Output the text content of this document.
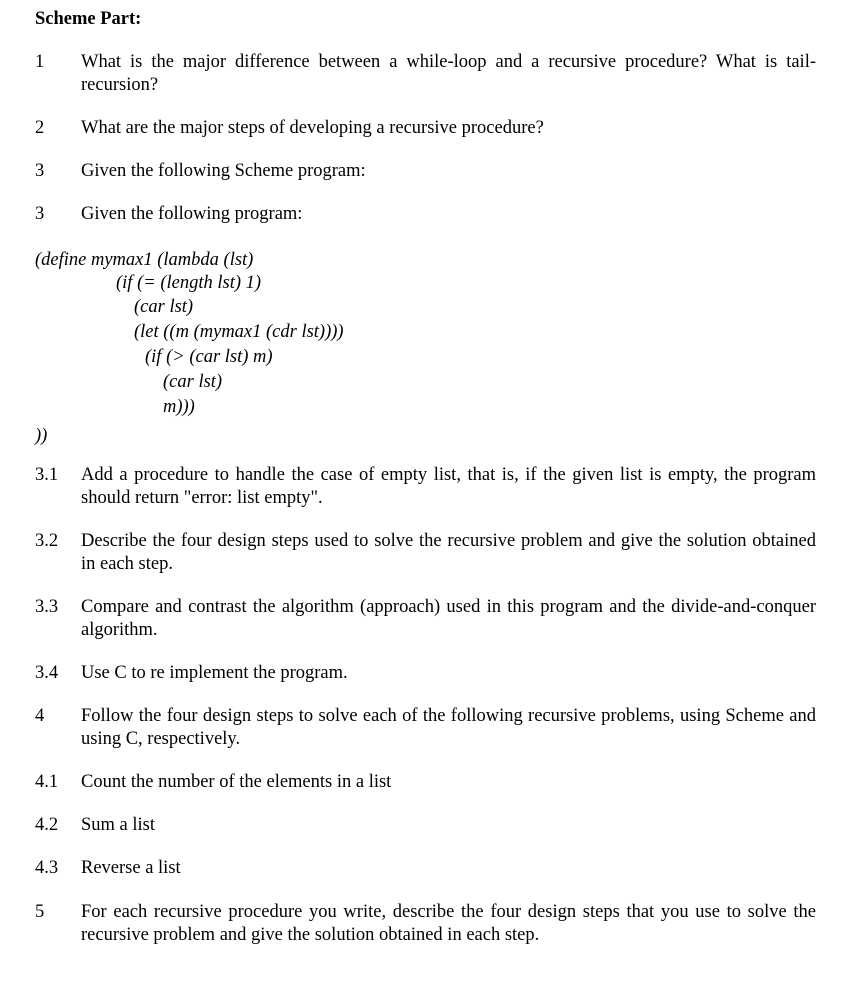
Scheme Part:
1	What is the major difference between a while-loop and a recursive procedure? What is tail-recursion?
2	What are the major steps of developing a recursive procedure?
3	Given the following Scheme program:
3	Given the following program:
(define mymax1 (lambda (lst)
(if (= (length lst) 1)
(car lst)
(let ((m (mymax1 (cdr lst))))
(if (> (car lst) m)
(car lst)
m)))
))
3.1	Add a procedure to handle the case of empty list, that is, if the given list is empty, the program should return "error: list empty".
3.2	Describe the four design steps used to solve the recursive problem and give the solution obtained in each step.
3.3	Compare and contrast the algorithm (approach) used in this program and the divide-and-conquer algorithm.
3.4	Use C to re implement the program.
4	Follow the four design steps to solve each of the following recursive problems, using Scheme and using C, respectively.
4.1	Count the number of the elements in a list
4.2	Sum a list
4.3	Reverse a list
5	For each recursive procedure you write, describe the four design steps that you use to solve the recursive problem and give the solution obtained in each step.
